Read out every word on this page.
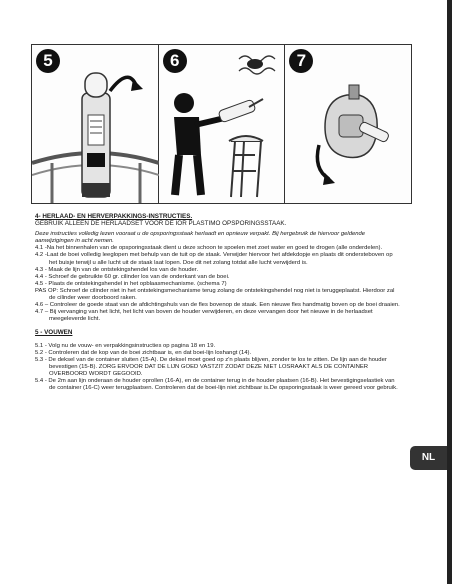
5	6	7

4- HERLAAD- EN HERVERPAKKINGS-INSTRUCTIES.

GEBRUIK ALLEEN DE HERLAADSET VOOR DE IOR PLASTIMO OPSPORINGSSTAAK.

Deze instructies volledig lezen vooraat u de opsporingsstaak herlaadt en opnieuw verpakt. Bij hergebruik de hiervoor geldende aanwijzigingen in acht nemen.

4.1 -Na het binnenhalen van de opsporingsstaak dient u deze schoon te spoelen met zoet water en goed te drogen (alle onderdelen).

4.2 -Laat de boei volledig leeglopen met behulp van de tuit op de staak. Verwijder hiervoor het afdekdopje en plaats dit ondersteboven op het buisje terwijl u alle lucht uit de staak laat lopen. Doe dit net zolang totdat alle lucht verwijderd is.

4.3 - Maak de lijn van de ontstekingshendel los van de houder.

4.4 - Schroef de gebruikte 60 gr. cilinder los van de onderkant van de boei.

4.5 - Plaats de ontstekingshendel in het opblaasmechanisme. (schema 7)

PAS OP: Schroef de cilinder niet in het ontstekingsmechanisme terug zolang de ontstekingshendel nog niet is teruggeplaatst. Hierdoor zal de cilinder weer doorboord raken.

4.6 – Controleer de goede staat van de afdichtingshuls van de fles bovenop de staak. Een nieuwe fles handmatig boven op de boei draaien.

4.7 – Bij vervanging van het licht, het licht van boven de houder verwijderen, en deze vervangen door het nieuwe in de herlaadset meegeleverde licht.

5 - VOUWEN

5.1 - Volg nu de vouw- en verpakkingsinstructies op pagina 18 en 19.

5.2 - Controleren dat de kop van de boei zichtbaar is, en dat boei-lijn loshangt (14).

5.3 - De deksel van de container sluiten (15-A). De deksel moet goed op z'n plaats blijven, zonder te los te zitten. De lijn aan de houder bevestigen (15-B). ZORG ERVOOR DAT DE LIJN GOED VASTZIT ZODAT DEZE NIET LOSRAAKT ALS DE CONTAINER OVERBOORD WORDT GEGOOID.

5.4 - De 2m aan lijn onderaan de houder oprollen (16-A), en de container terug in de houder plaatsen (16-B). Het bevestigingselastiek van de container (16-C) weer terugplaatsen. Controleren dat de boei-lijn niet zichtbaar is.De opsporingsstaak is weer gereed voor gebruik.

NL
